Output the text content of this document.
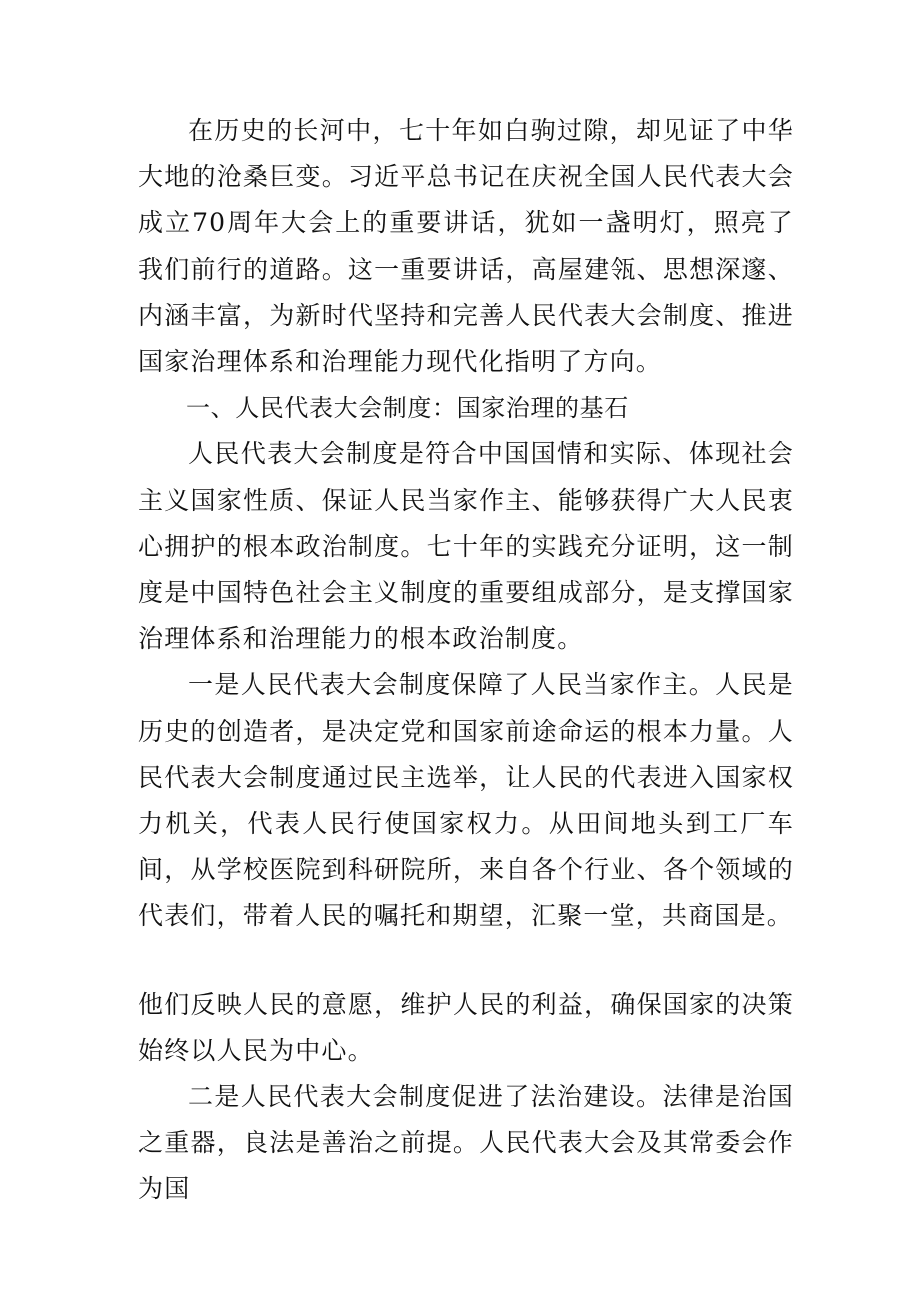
在历史的长河中，七十年如白驹过隙，却见证了中华大地的沧桑巨变。习近平总书记在庆祝全国人民代表大会成立70周年大会上的重要讲话，犹如一盏明灯，照亮了我们前行的道路。这一重要讲话，高屋建瓴、思想深邃、内涵丰富，为新时代坚持和完善人民代表大会制度、推进国家治理体系和治理能力现代化指明了方向。

一、人民代表大会制度：国家治理的基石

人民代表大会制度是符合中国国情和实际、体现社会主义国家性质、保证人民当家作主、能够获得广大人民衷心拥护的根本政治制度。七十年的实践充分证明，这一制度是中国特色社会主义制度的重要组成部分，是支撑国家治理体系和治理能力的根本政治制度。

一是人民代表大会制度保障了人民当家作主。人民是历史的创造者，是决定党和国家前途命运的根本力量。人民代表大会制度通过民主选举，让人民的代表进入国家权力机关，代表人民行使国家权力。从田间地头到工厂车间，从学校医院到科研院所，来自各个行业、各个领域的代表们，带着人民的嘱托和期望，汇聚一堂，共商国是。

他们反映人民的意愿，维护人民的利益，确保国家的决策始终以人民为中心。

二是人民代表大会制度促进了法治建设。法律是治国之重器，良法是善治之前提。人民代表大会及其常委会作为国
